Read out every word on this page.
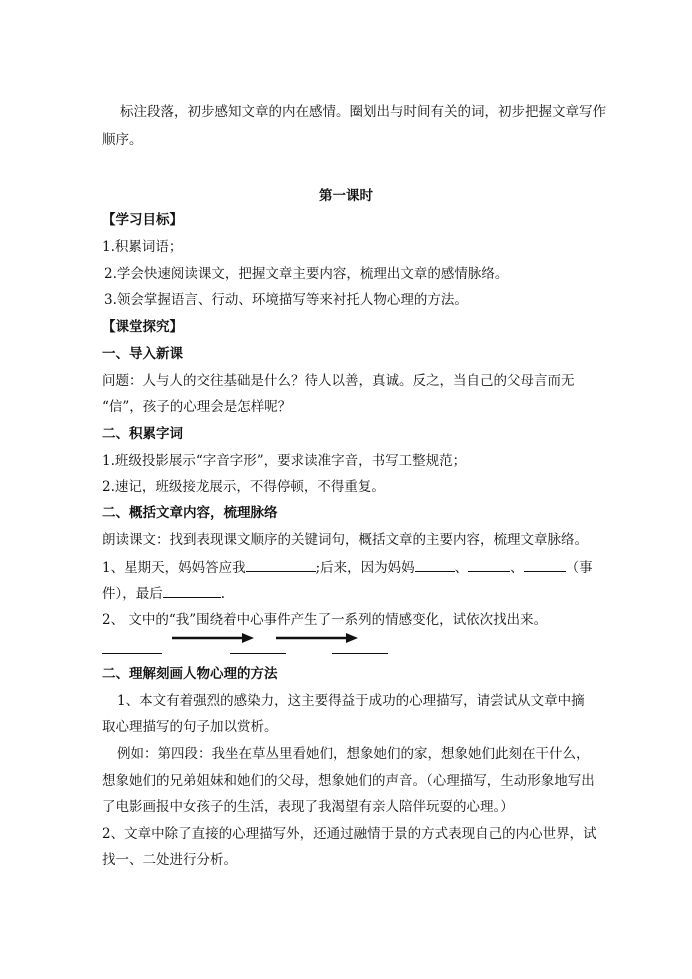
标注段落，初步感知文章的内在感情。圈划出与时间有关的词，初步把握文章写作
顺序。
第一课时
【学习目标】
1.积累词语；
2.学会快速阅读课文，把握文章主要内容，梳理出文章的感情脉络。
3.领会掌握语言、行动、环境描写等来衬托人物心理的方法。
【课堂探究】
一、导入新课
问题：人与人的交往基础是什么？待人以善，真诚。反之，当自己的父母言而无
“信”，孩子的心理会是怎样呢？
二、积累字词
1.班级投影展示“字音字形”，要求读准字音，书写工整规范；
2.速记，班级接龙展示，不得停顿，不得重复。
二、概括文章内容，梳理脉络
朗读课文：找到表现课文顺序的关键词句，概括文章的主要内容，梳理文章脉络。
1、星期天，妈妈答应我	;后来，因为妈妈	、	、	（事
件），最后	.
2、 文中的“我”围绕着中心事件产生了一系列的情感变化，试依次找出来。
二、理解刻画人物心理的方法
1、本文有着强烈的感染力，这主要得益于成功的心理描写，请尝试从文章中摘
取心理描写的句子加以赏析。
例如：第四段：我坐在草丛里看她们，想象她们的家，想象她们此刻在干什么，
想象她们的兄弟姐妹和她们的父母，想象她们的声音。（心理描写，生动形象地写出
了电影画报中女孩子的生活，表现了我渴望有亲人陪伴玩耍的心理。）
2、文章中除了直接的心理描写外，还通过融情于景的方式表现自己的内心世界，试
找一、二处进行分析。
